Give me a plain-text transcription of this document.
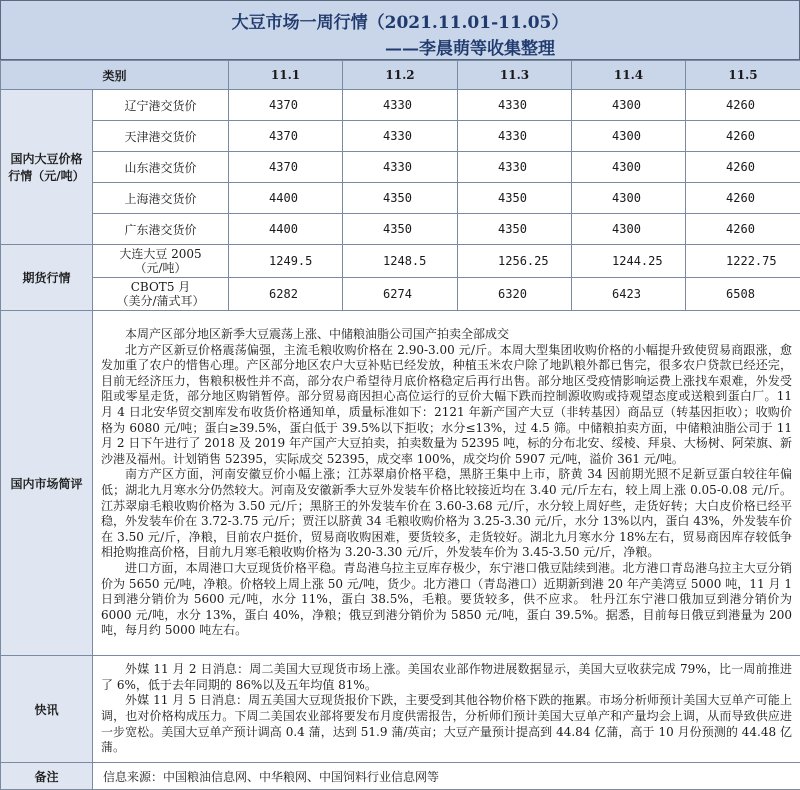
大豆市场一周行情（2021.11.01-11.05）
——李晨萌等收集整理
类别		11.1	11.2	11.3	11.4	11.5
国内大豆价格行情（元/吨）	辽宁港交货价	4370	4330	4330	4300	4260
	天津港交货价	4370	4330	4330	4300	4260
	山东港交货价	4370	4330	4330	4300	4260
	上海港交货价	4400	4350	4350	4300	4260
	广东港交货价	4400	4350	4350	4300	4260
期货行情	大连大豆 2005
（元/吨）	1249.5	1248.5	1256.25	1244.25	1222.75

	CBOT5 月
（美分/蒲式耳）	6282	6274	6320	6423	6508
国内市场简评	本周产区部分地区新季大豆震荡上涨、中储粮油脂公司国产拍卖全部成交

北方产区新豆价格震荡偏强，主流毛粮收购价格在 2.90-3.00 元/斤。本周大型集团收购价格的小幅提升致使贸易商跟涨，愈发加重了农户的惜售心理。产区部分地区农户大豆补贴已经发放，种植玉米农户除了地趴粮外都已售完，很多农户贷款已经还完，目前无经济压力，售粮积极性并不高，部分农户希望待月底价格稳定后再行出售。部分地区受疫情影响运费上涨找车艰难，外发受阻或零星走货，部分地区购销暂停。部分贸易商因担心高位运行的豆价大幅下跌而控制源收购或持观望态度或送粮到蛋白厂。11 月 4 日北安华贸交割库发布收货价格通知单，质量标准如下：2121 年新产国产大豆（非转基因）商品豆（转基因拒收）；收购价格为 6080 元/吨；蛋白≥39.5%，蛋白低于 39.5%以下拒收；水分≤13%，过 4.5 筛。中储粮拍卖方面，中储粮油脂公司于 11 月 2 日下午进行了 2018 及 2019 年产国产大豆拍卖，拍卖数量为 52395 吨，标的分布北安、绥棱、拜泉、大杨树、阿荣旗、新沙港及福州。计划销售 52395，实际成交 52395，成交率 100%，成交均价 5907 元/吨，溢价 361 元/吨。

南方产区方面，河南安徽豆价小幅上涨；江苏翠扇价格平稳，黑脐王集中上市，脐黄 34 因前期光照不足新豆蛋白较往年偏低；湖北九月寒水分仍然较大。河南及安徽新季大豆外发装车价格比较接近均在 3.40 元/斤左右，较上周上涨 0.05-0.08 元/斤。江苏翠扇毛粮收购价格为 3.50 元/斤；黑脐王的外发装车价在 3.60-3.68 元/斤，水分较上周好些，走货好转；大白皮价格已经平稳，外发装车价在 3.72-3.75 元/斤；贾汪以脐黄 34 毛粮收购价格为 3.25-3.30 元/斤，水分 13%以内，蛋白 43%，外发装车价在 3.50 元/斤，净粮，目前农户挺价，贸易商收购困难，要货较多，走货较好。湖北九月寒水分 18%左右，贸易商因库存较低争相抢购推高价格，目前九月寒毛粮收购价格为 3.20-3.30 元/斤，外发装车价为 3.45-3.50 元/斤，净粮。

进口方面，本周港口大豆现货价格平稳。青岛港乌拉主豆库存极少，东宁港口俄豆陆续到港。北方港口青岛港乌拉主大豆分销价为 5650 元/吨，净粮。价格较上周上涨 50 元/吨，货少。北方港口（青岛港口）近期新到港 20 年产美湾豆 5000 吨，11 月 1 日到港分销价为 5600 元/吨，水分 11%，蛋白 38.5%，毛粮。要货较多，供不应求。 牡丹江东宁港口俄加豆到港分销价为 6000 元/吨，水分 13%，蛋白 40%，净粮；俄豆到港分销价为 5850 元/吨，蛋白 39.5%。据悉，目前每日俄豆到港量为 200 吨，每月约 5000 吨左右。					

快讯	外媒 11 月 2 日消息：周二美国大豆现货市场上涨。美国农业部作物进展数据显示，美国大豆收获完成 79%，比一周前推进了 6%，低于去年同期的 86%以及五年均值 81%。

外媒 11 月 5 日消息：周五美国大豆现货报价下跌，主要受到其他谷物价格下跌的拖累。市场分析师预计美国大豆单产可能上调，也对价格构成压力。下周二美国农业部将要发布月度供需报告，分析师们预计美国大豆单产和产量均会上调，从而导致供应进一步宽松。美国大豆单产预计调高 0.4 蒲，达到 51.9 蒲/英亩；大豆产量预计提高到 44.84 亿蒲，高于 10 月份预测的 44.48 亿蒲。					

备注	信息来源：中国粮油信息网、中华粮网、中国饲料行业信息网等					
